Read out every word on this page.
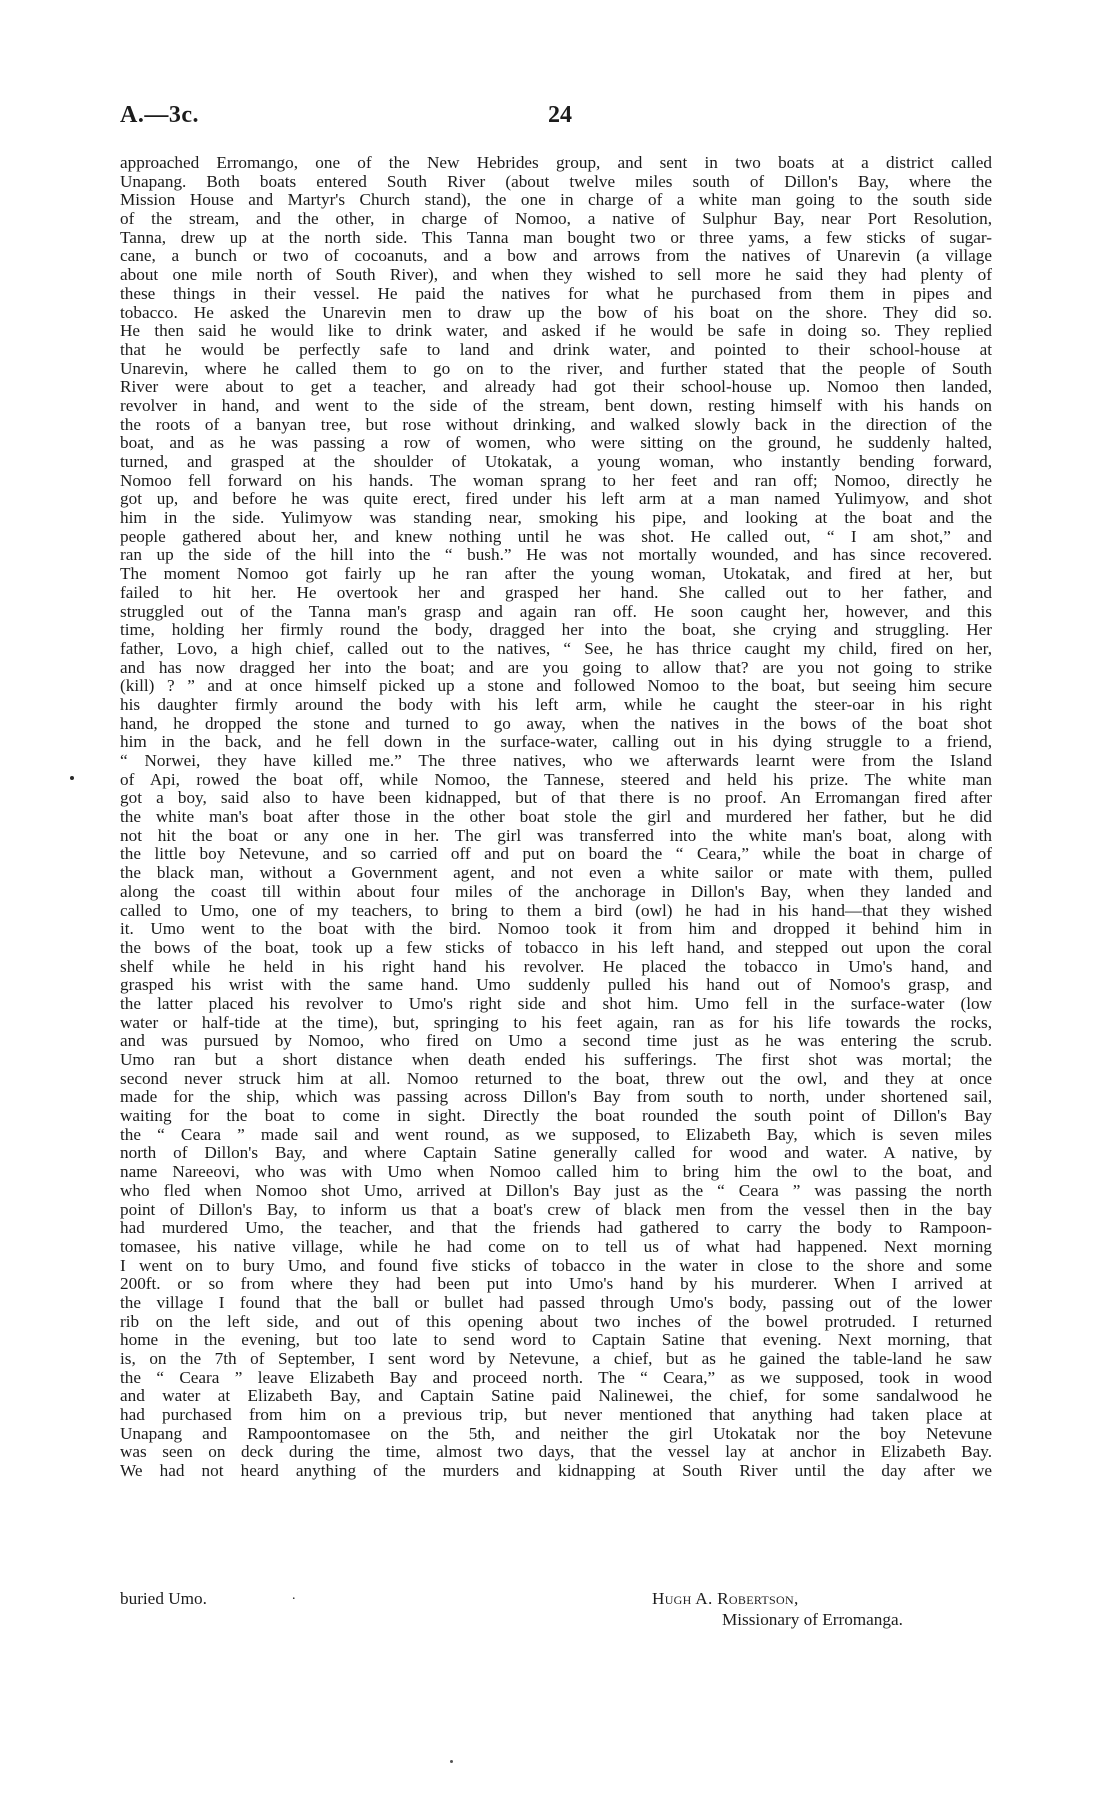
A.—3c.	24
approached Erromango, one of the New Hebrides group, and sent in two boats at a district called
Unapang. Both boats entered South River (about twelve miles south of Dillon's Bay, where the
Mission House and Martyr's Church stand), the one in charge of a white man going to the south side
of the stream, and the other, in charge of Nomoo, a native of Sulphur Bay, near Port Resolution,
Tanna, drew up at the north side. This Tanna man bought two or three yams, a few sticks of sugar-
cane, a bunch or two of cocoanuts, and a bow and arrows from the natives of Unarevin (a village
about one mile north of South River), and when they wished to sell more he said they had plenty of
these things in their vessel. He paid the natives for what he purchased from them in pipes and
tobacco. He asked the Unarevin men to draw up the bow of his boat on the shore. They did so.
He then said he would like to drink water, and asked if he would be safe in doing so. They replied
that he would be perfectly safe to land and drink water, and pointed to their school-house at
Unarevin, where he called them to go on to the river, and further stated that the people of South
River were about to get a teacher, and already had got their school-house up. Nomoo then landed,
revolver in hand, and went to the side of the stream, bent down, resting himself with his hands on
the roots of a banyan tree, but rose without drinking, and walked slowly back in the direction of the
boat, and as he was passing a row of women, who were sitting on the ground, he suddenly halted,
turned, and grasped at the shoulder of Utokatak, a young woman, who instantly bending forward,
Nomoo fell forward on his hands. The woman sprang to her feet and ran off; Nomoo, directly he
got up, and before he was quite erect, fired under his left arm at a man named Yulimyow, and shot
him in the side. Yulimyow was standing near, smoking his pipe, and looking at the boat and the
people gathered about her, and knew nothing until he was shot. He called out, “ I am shot,” and
ran up the side of the hill into the “ bush.” He was not mortally wounded, and has since recovered.
The moment Nomoo got fairly up he ran after the young woman, Utokatak, and fired at her, but
failed to hit her. He overtook her and grasped her hand. She called out to her father, and
struggled out of the Tanna man's grasp and again ran off. He soon caught her, however, and this
time, holding her firmly round the body, dragged her into the boat, she crying and struggling. Her
father, Lovo, a high chief, called out to the natives, “ See, he has thrice caught my child, fired on her,
and has now dragged her into the boat; and are you going to allow that? are you not going to strike
(kill) ? ” and at once himself picked up a stone and followed Nomoo to the boat, but seeing him secure
his daughter firmly around the body with his left arm, while he caught the steer-oar in his right
hand, he dropped the stone and turned to go away, when the natives in the bows of the boat shot
him in the back, and he fell down in the surface-water, calling out in his dying struggle to a friend,
“ Norwei, they have killed me.” The three natives, who we afterwards learnt were from the Island
of Api, rowed the boat off, while Nomoo, the Tannese, steered and held his prize. The white man
got a boy, said also to have been kidnapped, but of that there is no proof. An Erromangan fired after
the white man's boat after those in the other boat stole the girl and murdered her father, but he did
not hit the boat or any one in her. The girl was transferred into the white man's boat, along with
the little boy Netevune, and so carried off and put on board the “ Ceara,” while the boat in charge of
the black man, without a Government agent, and not even a white sailor or mate with them, pulled
along the coast till within about four miles of the anchorage in Dillon's Bay, when they landed and
called to Umo, one of my teachers, to bring to them a bird (owl) he had in his hand—that they wished
it. Umo went to the boat with the bird. Nomoo took it from him and dropped it behind him in
the bows of the boat, took up a few sticks of tobacco in his left hand, and stepped out upon the coral
shelf while he held in his right hand his revolver. He placed the tobacco in Umo's hand, and
grasped his wrist with the same hand. Umo suddenly pulled his hand out of Nomoo's grasp, and
the latter placed his revolver to Umo's right side and shot him. Umo fell in the surface-water (low
water or half-tide at the time), but, springing to his feet again, ran as for his life towards the rocks,
and was pursued by Nomoo, who fired on Umo a second time just as he was entering the scrub.
Umo ran but a short distance when death ended his sufferings. The first shot was mortal; the
second never struck him at all. Nomoo returned to the boat, threw out the owl, and they at once
made for the ship, which was passing across Dillon's Bay from south to north, under shortened sail,
waiting for the boat to come in sight. Directly the boat rounded the south point of Dillon's Bay
the “ Ceara ” made sail and went round, as we supposed, to Elizabeth Bay, which is seven miles
north of Dillon's Bay, and where Captain Satine generally called for wood and water. A native, by
name Nareeovi, who was with Umo when Nomoo called him to bring him the owl to the boat, and
who fled when Nomoo shot Umo, arrived at Dillon's Bay just as the “ Ceara ” was passing the north
point of Dillon's Bay, to inform us that a boat's crew of black men from the vessel then in the bay
had murdered Umo, the teacher, and that the friends had gathered to carry the body to Rampoon-
tomasee, his native village, while he had come on to tell us of what had happened. Next morning
I went on to bury Umo, and found five sticks of tobacco in the water in close to the shore and some
200ft. or so from where they had been put into Umo's hand by his murderer. When I arrived at
the village I found that the ball or bullet had passed through Umo's body, passing out of the lower
rib on the left side, and out of this opening about two inches of the bowel protruded. I returned
home in the evening, but too late to send word to Captain Satine that evening. Next morning, that
is, on the 7th of September, I sent word by Netevune, a chief, but as he gained the table-land he saw
the “ Ceara ” leave Elizabeth Bay and proceed north. The “ Ceara,” as we supposed, took in wood
and water at Elizabeth Bay, and Captain Satine paid Nalinewei, the chief, for some sandalwood he
had purchased from him on a previous trip, but never mentioned that anything had taken place at
Unapang and Rampoontomasee on the 5th, and neither the girl Utokatak nor the boy Netevune
was seen on deck during the time, almost two days, that the vessel lay at anchor in Elizabeth Bay.
We had not heard anything of the murders and kidnapping at South River until the day after we
buried Umo.	.	Hugh A. Robertson,
Missionary of Erromanga.
